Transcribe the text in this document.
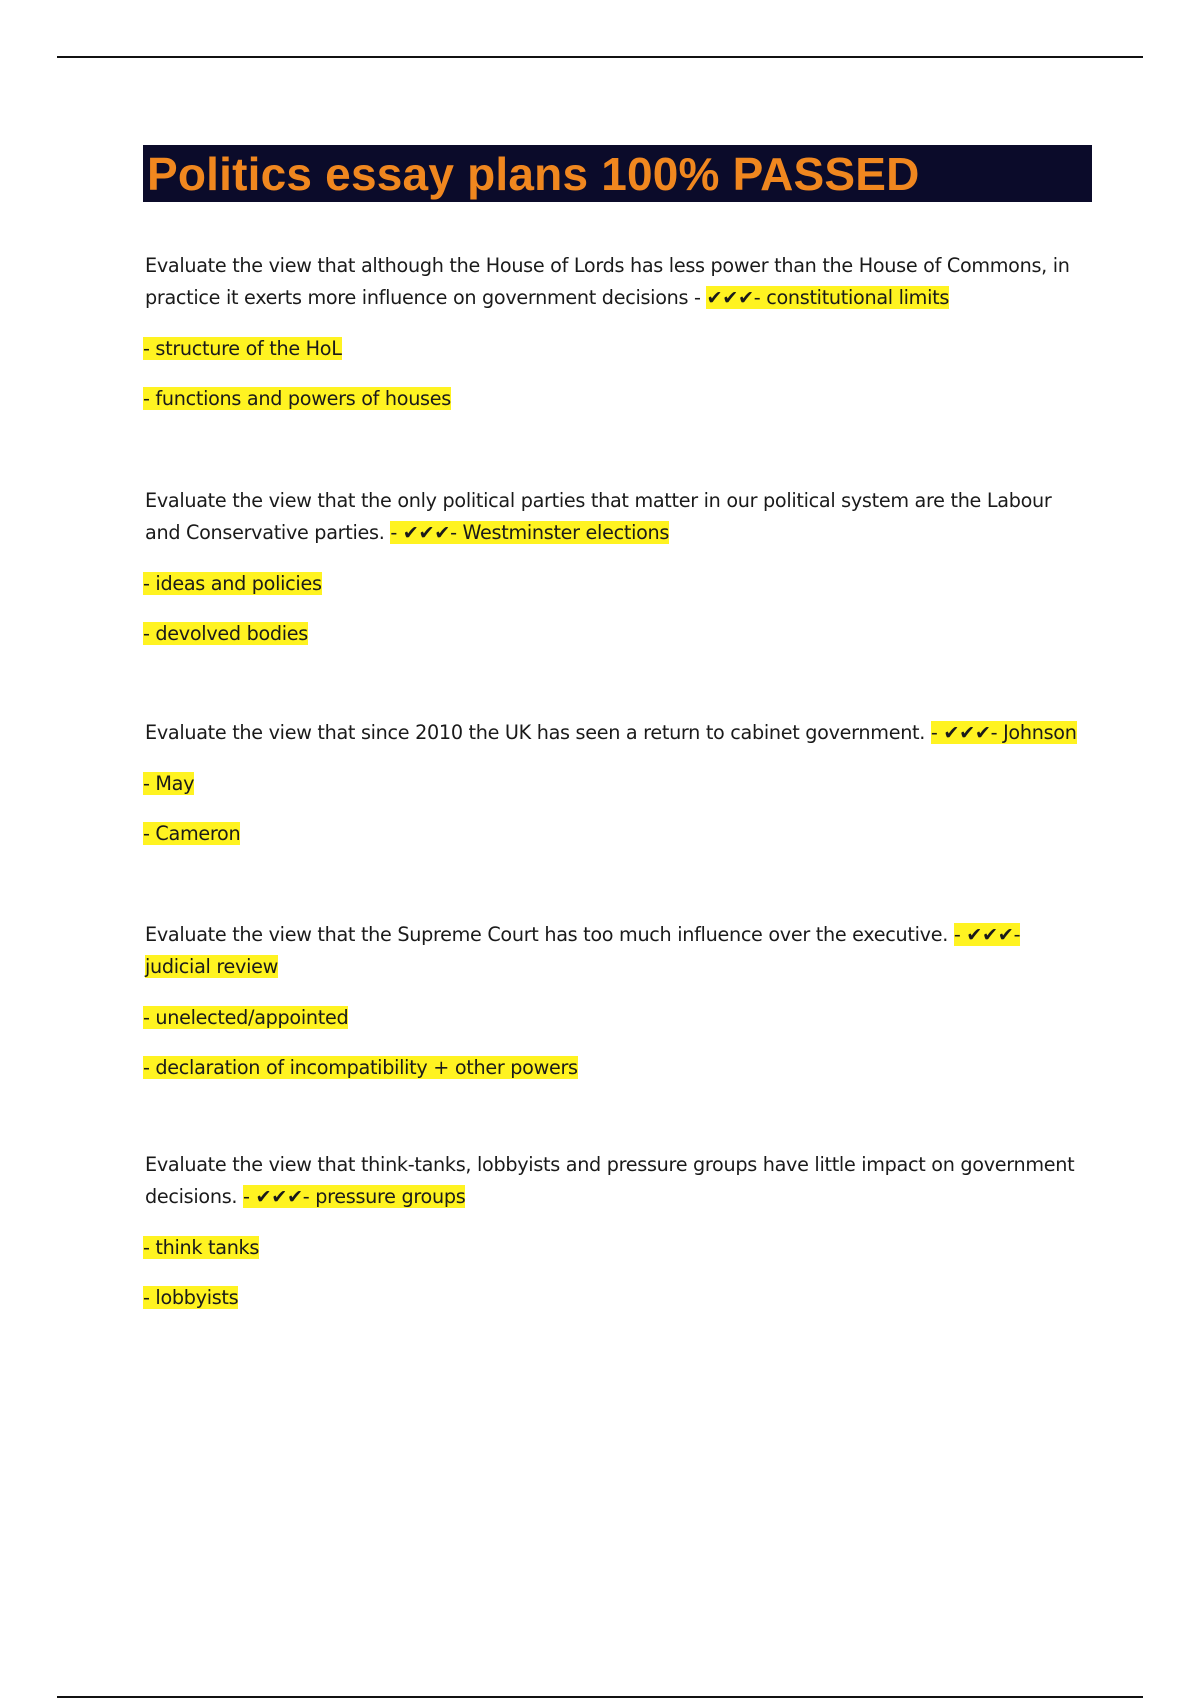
Politics essay plans 100% PASSED

Evaluate the view that although the House of Lords has less power than the House of Commons, in practice it exerts more influence on government decisions - ✔✔✔- constitutional limits

- structure of the HoL

- functions and powers of houses

Evaluate the view that the only political parties that matter in our political system are the Labour and Conservative parties. - ✔✔✔- Westminster elections

- ideas and policies

- devolved bodies

Evaluate the view that since 2010 the UK has seen a return to cabinet government. - ✔✔✔- Johnson

- May

- Cameron

Evaluate the view that the Supreme Court has too much influence over the executive. - ✔✔✔- judicial review

- unelected/appointed

- declaration of incompatibility + other powers

Evaluate the view that think-tanks, lobbyists and pressure groups have little impact on government decisions. - ✔✔✔- pressure groups

- think tanks

- lobbyists
